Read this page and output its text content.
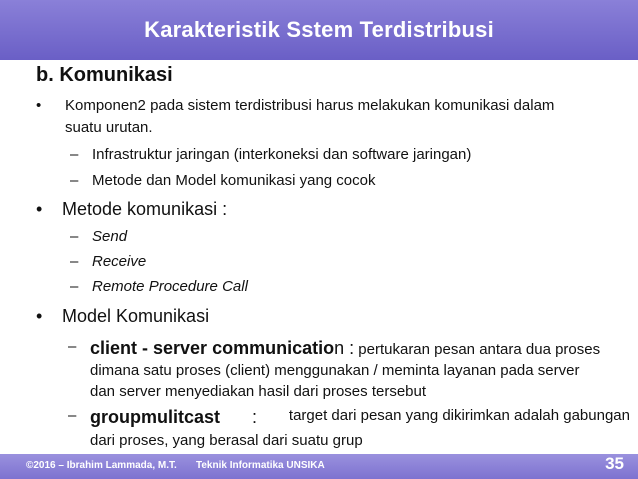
Karakteristik Sstem Terdistribusi
b. Komunikasi
• Komponen2 pada sistem terdistribusi harus melakukan komunikasi dalam
suatu urutan.
– Infrastruktur jaringan (interkoneksi dan software jaringan)
– Metode dan Model komunikasi yang cocok
• Metode komunikasi :
– Send
– Receive
– Remote Procedure Call
• Model Komunikasi
– client - server communication : pertukaran pesan antara dua proses
dimana satu proses (client) menggunakan / meminta layanan pada server
dan server menyediakan hasil dari proses tersebut
– groupmulitcast : target dari pesan yang dikirimkan adalah gabungan
dari proses, yang berasal dari suatu grup
©2016 – Ibrahim Lammada, M.T. Teknik Informatika UNSIKA	35
